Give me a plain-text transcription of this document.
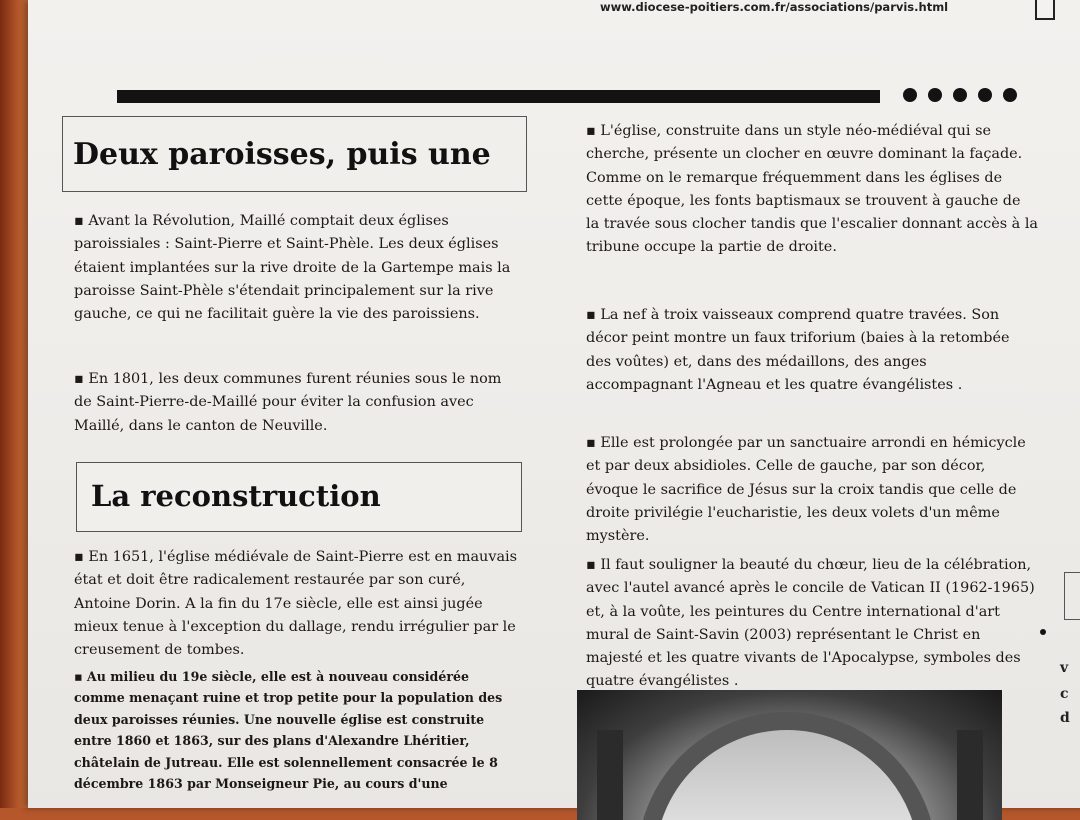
www.diocese-poitiers.com.fr/associations/parvis.html
Deux paroisses, puis une

▪ Avant la Révolution, Maillé comptait deux églises paroissiales : Saint-Pierre et Saint-Phèle. Les deux églises étaient implantées sur la rive droite de la Gartempe mais la paroisse Saint-Phèle s'étendait principalement sur la rive gauche, ce qui ne facilitait guère la vie des paroissiens.

▪ En 1801, les deux communes furent réunies sous le nom de Saint-Pierre-de-Maillé pour éviter la confusion avec Maillé, dans le canton de Neuville.

La reconstruction

▪ En 1651, l'église médiévale de Saint-Pierre est en mauvais état et doit être radicalement restaurée par son curé, Antoine Dorin. A la fin du 17e siècle, elle est ainsi jugée mieux tenue à l'exception du dallage, rendu irrégulier par le creusement de tombes.

▪ Au milieu du 19e siècle, elle est à nouveau considérée comme menaçant ruine et trop petite pour la population des deux paroisses réunies. Une nouvelle église est construite entre 1860 et 1863, sur des plans d'Alexandre Lhéritier, châtelain de Jutreau. Elle est solennellement consacrée le 8 décembre 1863 par Monseigneur Pie, au cours d'une

▪ L'église, construite dans un style néo-médiéval qui se cherche, présente un clocher en œuvre dominant la façade. Comme on le remarque fréquemment dans les églises de cette époque, les fonts baptismaux se trouvent à gauche de la travée sous clocher tandis que l'escalier donnant accès à la tribune occupe la partie de droite.

▪ La nef à troix vaisseaux comprend quatre travées. Son décor peint montre un faux triforium (baies à la retombée des voûtes) et, dans des médaillons, des anges accompagnant l'Agneau et les quatre évangélistes .

▪ Elle est prolongée par un sanctuaire arrondi en hémicycle et par deux absidioles. Celle de gauche, par son décor, évoque le sacrifice de Jésus sur la croix tandis que celle de droite privilégie l'eucharistie, les deux volets d'un même mystère.

▪ Il faut souligner la beauté du chœur, lieu de la célébration, avec l'autel avancé après le concile de Vatican II (1962-1965) et, à la voûte, les peintures du Centre international d'art mural de Saint-Savin (2003) représentant le Christ en majesté et les quatre vivants de l'Apocalypse, symboles des quatre évangélistes .

v
c
d
